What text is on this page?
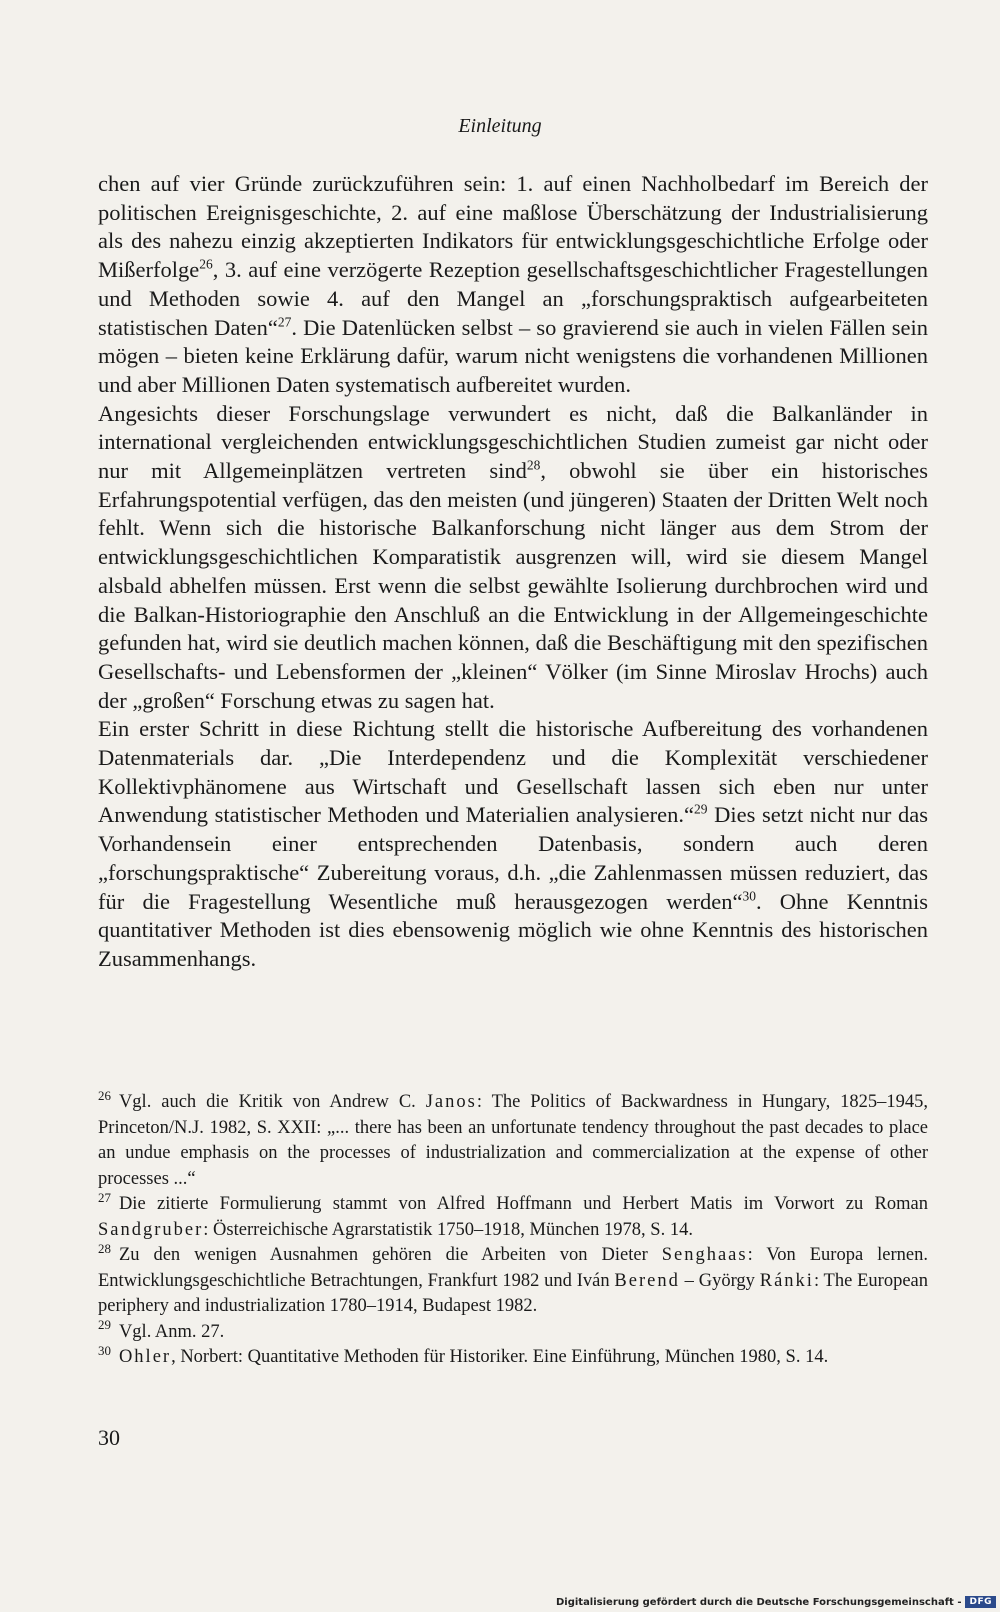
Einleitung

chen auf vier Gründe zurückzuführen sein: 1. auf einen Nachholbedarf im Bereich der politischen Ereignisgeschichte, 2. auf eine maßlose Überschätzung der Industrialisierung als des nahezu einzig akzeptierten Indikators für entwicklungsgeschichtliche Erfolge oder Mißerfolge$^{26}$, 3. auf eine verzögerte Rezeption gesellschaftsgeschichtlicher Fragestellungen und Methoden sowie 4. auf den Mangel an „forschungspraktisch aufgearbeiteten statistischen Daten“$^{27}$. Die Datenlücken selbst – so gravierend sie auch in vielen Fällen sein mögen – bieten keine Erklärung dafür, warum nicht wenigstens die vorhandenen Millionen und aber Millionen Daten systematisch aufbereitet wurden.

Angesichts dieser Forschungslage verwundert es nicht, daß die Balkanländer in international vergleichenden entwicklungsgeschichtlichen Studien zumeist gar nicht oder nur mit Allgemeinplätzen vertreten sind$^{28}$, obwohl sie über ein historisches Erfahrungspotential verfügen, das den meisten (und jüngeren) Staaten der Dritten Welt noch fehlt. Wenn sich die historische Balkanforschung nicht länger aus dem Strom der entwicklungsgeschichtlichen Komparatistik ausgrenzen will, wird sie diesem Mangel alsbald abhelfen müssen. Erst wenn die selbst gewählte Isolierung durchbrochen wird und die Balkan-Historiographie den Anschluß an die Entwicklung in der Allgemeingeschichte gefunden hat, wird sie deutlich machen können, daß die Beschäftigung mit den spezifischen Gesellschafts- und Lebensformen der „kleinen“ Völker (im Sinne Miroslav Hrochs) auch der „großen“ Forschung etwas zu sagen hat.

Ein erster Schritt in diese Richtung stellt die historische Aufbereitung des vorhandenen Datenmaterials dar. „Die Interdependenz und die Komplexität verschiedener Kollektivphänomene aus Wirtschaft und Gesellschaft lassen sich eben nur unter Anwendung statistischer Methoden und Materialien analysieren.“$^{29}$ Dies setzt nicht nur das Vorhandensein einer entsprechenden Datenbasis, sondern auch deren „forschungspraktische“ Zubereitung voraus, d.h. „die Zahlenmassen müssen reduziert, das für die Fragestellung Wesentliche muß herausgezogen werden“$^{30}$. Ohne Kenntnis quantitativer Methoden ist dies ebensowenig möglich wie ohne Kenntnis des historischen Zusammenhangs.

$^{26}$ Vgl. auch die Kritik von Andrew C. Janos: The Politics of Backwardness in Hungary, 1825–1945, Princeton/N.J. 1982, S. XXII: „... there has been an unfortunate tendency throughout the past decades to place an undue emphasis on the processes of industrialization and commercialization at the expense of other processes ...“

$^{27}$ Die zitierte Formulierung stammt von Alfred Hoffmann und Herbert Matis im Vorwort zu Roman Sandgruber: Österreichische Agrarstatistik 1750–1918, München 1978, S. 14.

$^{28}$ Zu den wenigen Ausnahmen gehören die Arbeiten von Dieter Senghaas: Von Europa lernen. Entwicklungsgeschichtliche Betrachtungen, Frankfurt 1982 und Iván Berend – György Ránki: The European periphery and industrialization 1780–1914, Budapest 1982.

$^{29}$ Vgl. Anm. 27.

$^{30}$ Ohler, Norbert: Quantitative Methoden für Historiker. Eine Einführung, München 1980, S. 14.

30
Digitalisierung gefördert durch die Deutsche Forschungsgemeinschaft - DFG
